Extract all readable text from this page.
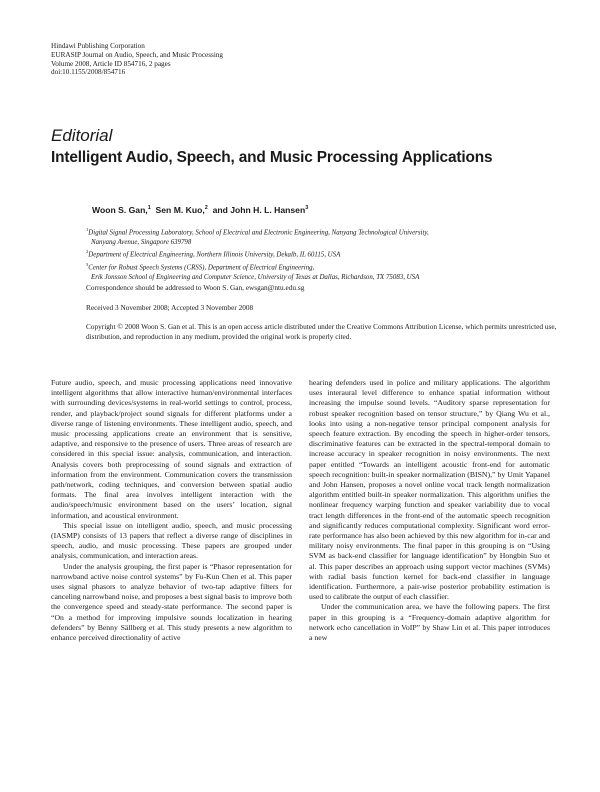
Hindawi Publishing Corporation
EURASIP Journal on Audio, Speech, and Music Processing
Volume 2008, Article ID 854716, 2 pages
doi:10.1155/2008/854716
Editorial
Intelligent Audio, Speech, and Music Processing Applications
Woon S. Gan,$^1$ Sen M. Kuo,$^2$ and John H. L. Hansen$^3$
$^1$Digital Signal Processing Laboratory, School of Electrical and Electronic Engineering, Nanyang Technological University,
Nanyang Avenue, Singapore 639798
$^2$Department of Electrical Engineering, Northern Illinois University, Dekalb, IL 60115, USA
$^3$Center for Robust Speech Systems (CRSS), Department of Electrical Engineering,
Erik Jonsson School of Engineering and Computer Science, University of Texas at Dallas, Richardson, TX 75083, USA
Correspondence should be addressed to Woon S. Gan, ewsgan@ntu.edu.sg
Received 3 November 2008; Accepted 3 November 2008
Copyright © 2008 Woon S. Gan et al. This is an open access article distributed under the Creative Commons Attribution License, which permits unrestricted use, distribution, and reproduction in any medium, provided the original work is properly cited.

Future audio, speech, and music processing applications need innovative intelligent algorithms that allow interactive human/environmental interfaces with surrounding devices/systems in real-world settings to control, process, render, and playback/project sound signals for different platforms under a diverse range of listening environments. These intelligent audio, speech, and music processing applications create an environment that is sensitive, adaptive, and responsive to the presence of users. Three areas of research are considered in this special issue: analysis, communication, and interaction. Analysis covers both preprocessing of sound signals and extraction of information from the environment. Communication covers the transmission path/network, coding techniques, and conversion between spatial audio formats. The final area involves intelligent interaction with the audio/speech/music environment based on the users’ location, signal information, and acoustical environment.

This special issue on intelligent audio, speech, and music processing (IASMP) consists of 13 papers that reflect a diverse range of disciplines in speech, audio, and music processing. These papers are grouped under analysis, communication, and interaction areas.

Under the analysis grouping, the first paper is “Phasor representation for narrowband active noise control systems” by Fu-Kun Chen et al. This paper uses signal phasors to analyze behavior of two-tap adaptive filters for canceling narrowband noise, and proposes a best signal basis to improve both the convergence speed and steady-state performance. The second paper is “On a method for improving impulsive sounds localization in hearing defenders” by Benny Sällberg et al. This study presents a new algorithm to enhance perceived directionality of active

hearing defenders used in police and military applications. The algorithm uses interaural level difference to enhance spatial information without increasing the impulse sound levels. “Auditory sparse representation for robust speaker recognition based on tensor structure,” by Qiang Wu et al., looks into using a non-negative tensor principal component analysis for speech feature extraction. By encoding the speech in higher-order tensors, discriminative features can be extracted in the spectral-temporal domain to increase accuracy in speaker recognition in noisy environments. The next paper entitled “Towards an intelligent acoustic front-end for automatic speech recognition: built-in speaker normalization (BISN),” by Umit Yapanel and John Hansen, proposes a novel online vocal track length normalization algorithm entitled built-in speaker normalization. This algorithm unifies the nonlinear frequency warping function and speaker variability due to vocal tract length differences in the front-end of the automatic speech recognition and significantly reduces computational complexity. Significant word error-rate performance has also been achieved by this new algorithm for in-car and military noisy environments. The final paper in this grouping is on “Using SVM as back-end classifier for language identification” by Hongbin Suo et al. This paper describes an approach using support vector machines (SVMs) with radial basis function kernel for back-end classifier in language identification. Furthermore, a pair-wise posterior probability estimation is used to calibrate the output of each classifier.

Under the communication area, we have the following papers. The first paper in this grouping is a “Frequency-domain adaptive algorithm for network echo cancellation in VoIP” by Shaw Lin et al. This paper introduces a new
